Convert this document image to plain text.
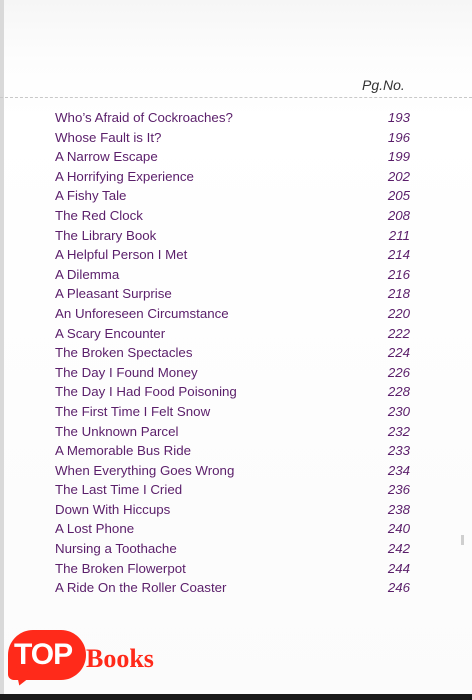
Pg.No.
Who’s Afraid of Cockroaches?	193
Whose Fault is It?	196
A Narrow Escape	199
A Horrifying Experience	202
A Fishy Tale	205
The Red Clock	208
The Library Book	211
A Helpful Person I Met	214
A Dilemma	216
A Pleasant Surprise	218
An Unforeseen Circumstance	220
A Scary Encounter	222
The Broken Spectacles	224
The Day I Found Money	226
The Day I Had Food Poisoning	228
The First Time I Felt Snow	230
The Unknown Parcel	232
A Memorable Bus Ride	233
When Everything Goes Wrong	234
The Last Time I Cried	236
Down With Hiccups	238
A Lost Phone	240
Nursing a Toothache	242
The Broken Flowerpot	244
A Ride On the Roller Coaster	246
TOP Books
